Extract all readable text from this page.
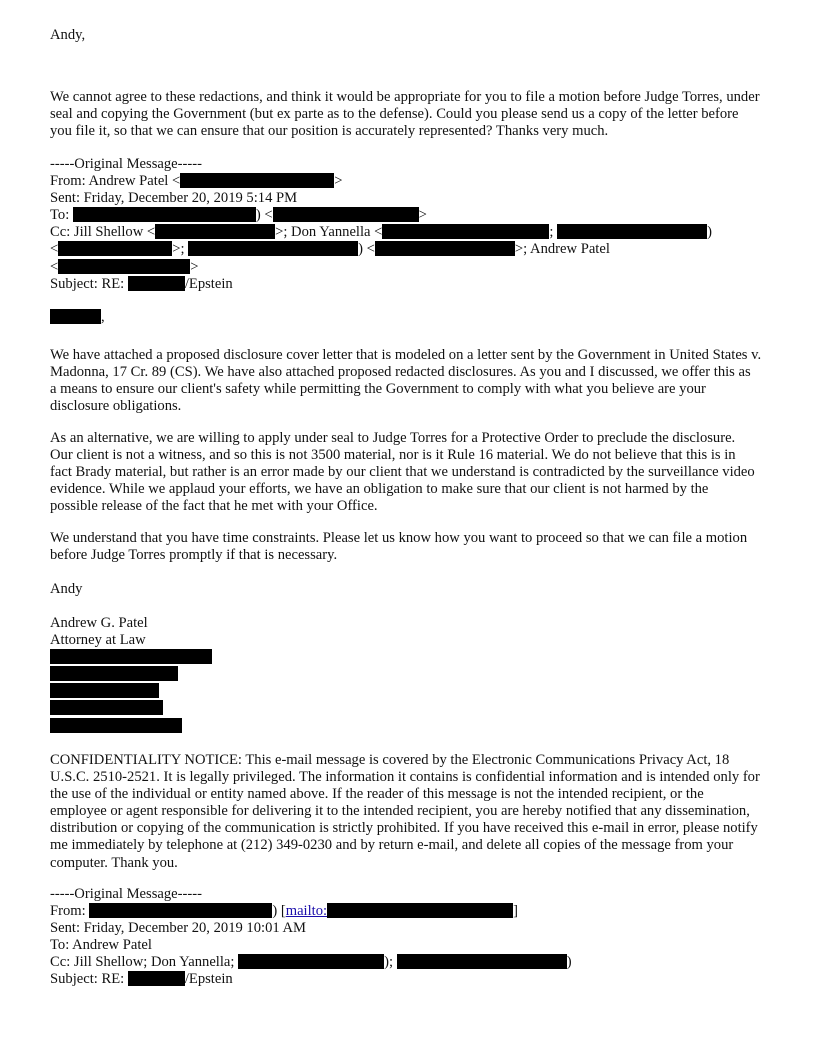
Andy,
We cannot agree to these redactions, and think it would be appropriate for you to file a motion before Judge Torres, under
seal and copying the Government (but ex parte as to the defense). Could you please send us a copy of the letter before
you file it, so that we can ensure that our position is accurately represented? Thanks very much.
-----Original Message-----
From: Andrew Patel <	>
Sent: Friday, December 20, 2019 5:14 PM
To:	) <	>
Cc: Jill Shellow <	>; Don Yannella <	;	)
<	>;	) <	>; Andrew Patel
<	>
Subject: RE:	/Epstein
,
We have attached a proposed disclosure cover letter that is modeled on a letter sent by the Government in United States v.
Madonna, 17 Cr. 89 (CS). We have also attached proposed redacted disclosures. As you and I discussed, we offer this as
a means to ensure our client's safety while permitting the Government to comply with what you believe are your
disclosure obligations.
As an alternative, we are willing to apply under seal to Judge Torres for a Protective Order to preclude the disclosure.
Our client is not a witness, and so this is not 3500 material, nor is it Rule 16 material. We do not believe that this is in
fact Brady material, but rather is an error made by our client that we understand is contradicted by the surveillance video
evidence. While we applaud your efforts, we have an obligation to make sure that our client is not harmed by the
possible release of the fact that he met with your Office.
We understand that you have time constraints. Please let us know how you want to proceed so that we can file a motion
before Judge Torres promptly if that is necessary.
Andy
Andrew G. Patel
Attorney at Law
CONFIDENTIALITY NOTICE: This e-mail message is covered by the Electronic Communications Privacy Act, 18
U.S.C. 2510-2521. It is legally privileged. The information it contains is confidential information and is intended only for
the use of the individual or entity named above. If the reader of this message is not the intended recipient, or the
employee or agent responsible for delivering it to the intended recipient, you are hereby notified that any dissemination,
distribution or copying of the communication is strictly prohibited. If you have received this e-mail in error, please notify
me immediately by telephone at (212) 349-0230 and by return e-mail, and delete all copies of the message from your
computer. Thank you.
-----Original Message-----
From:	) [mailto:	]
Sent: Friday, December 20, 2019 10:01 AM
To: Andrew Patel
Cc: Jill Shellow; Don Yannella;	);	)
Subject: RE:	/Epstein
